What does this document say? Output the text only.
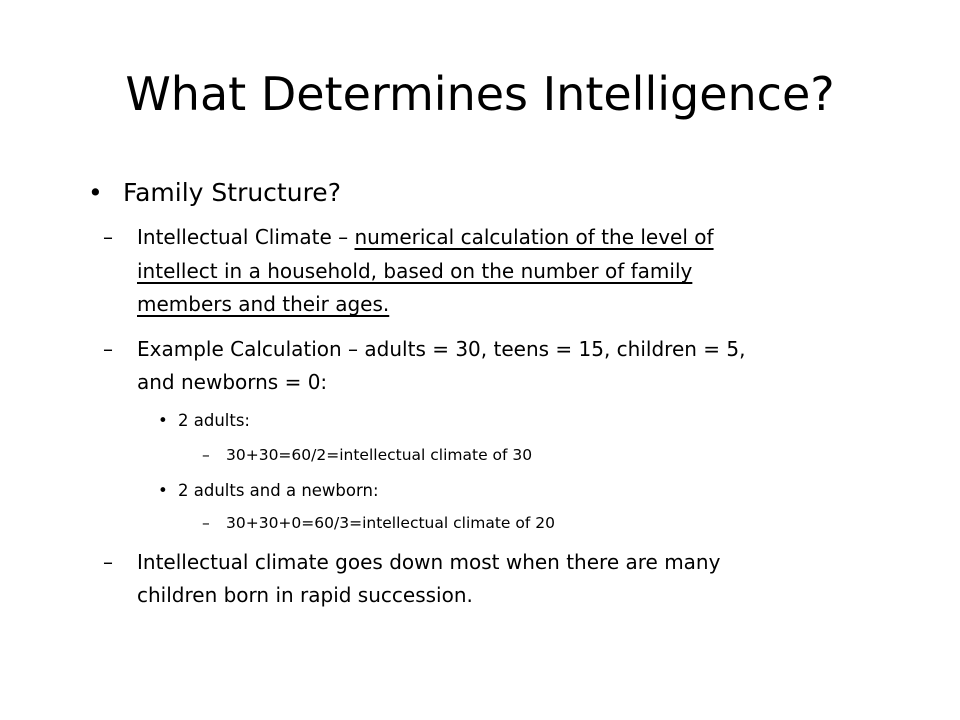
What Determines Intelligence?
• Family Structure?
– Intellectual Climate – numerical calculation of the level of
intellect in a household, based on the number of family
members and their ages.
– Example Calculation – adults = 30, teens = 15, children = 5,
and newborns = 0:
• 2 adults:
– 30+30=60/2=intellectual climate of 30
• 2 adults and a newborn:
– 30+30+0=60/3=intellectual climate of 20
– Intellectual climate goes down most when there are many
children born in rapid succession.
